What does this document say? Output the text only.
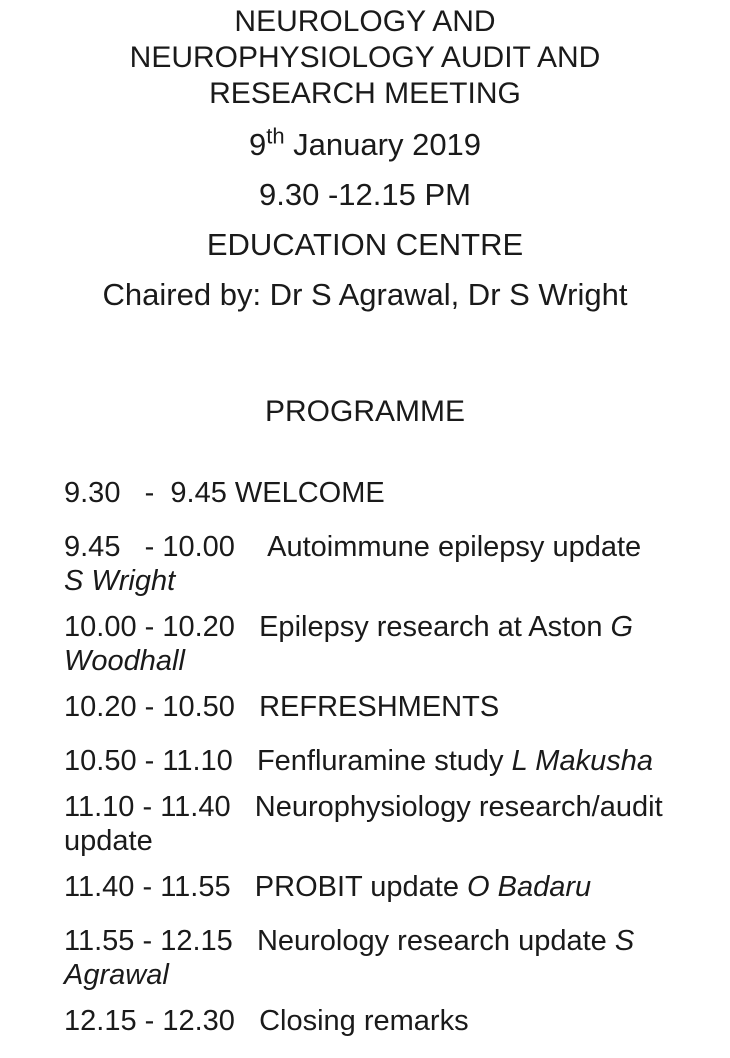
NEUROLOGY AND
NEUROPHYSIOLOGY AUDIT AND
RESEARCH MEETING
9th January 2019
9.30 -12.15 PM
EDUCATION CENTRE
Chaired by: Dr S Agrawal, Dr S Wright
PROGRAMME
9.30   -  9.45 WELCOME
9.45   - 10.00 Autoimmune epilepsy update S Wright
10.00 - 10.20 Epilepsy research at Aston G Woodhall
10.20 - 10.50 REFRESHMENTS
10.50 - 11.10 Fenfluramine study L Makusha
11.10 - 11.40 Neurophysiology research/audit update
11.40 - 11.55 PROBIT update O Badaru
11.55 - 12.15 Neurology research update S Agrawal
12.15 - 12.30 Closing remarks
